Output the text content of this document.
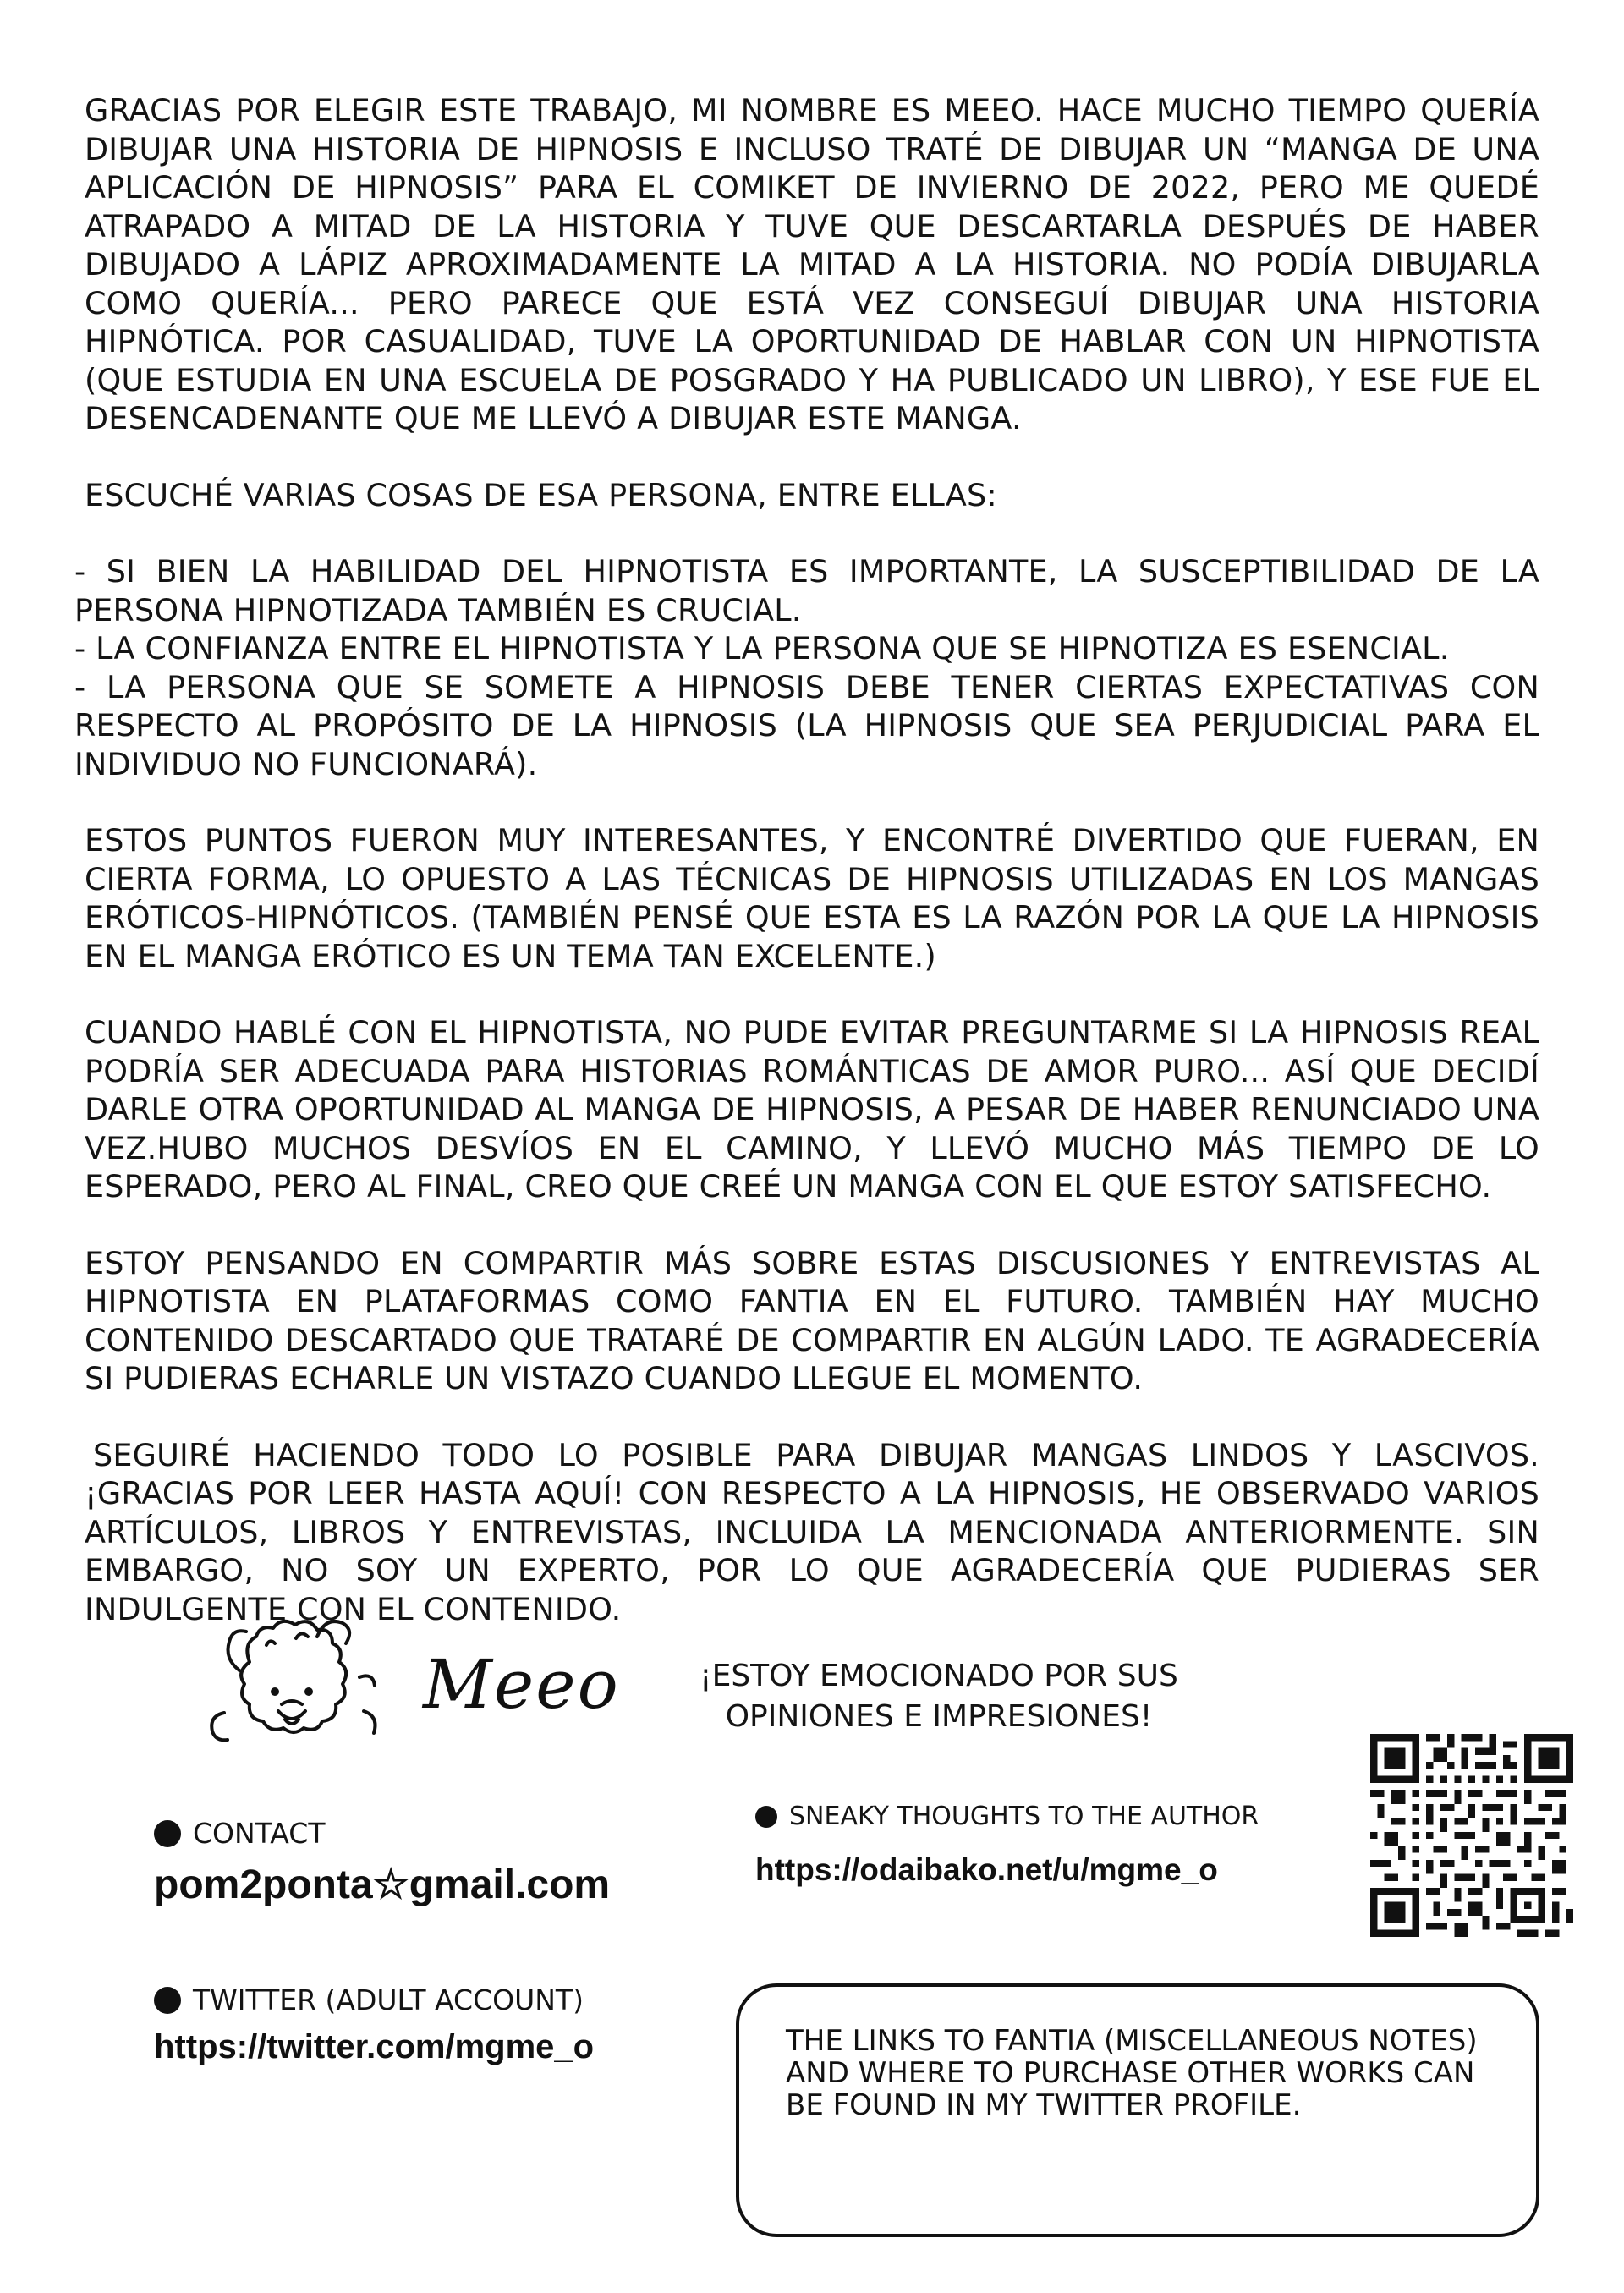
GRACIAS POR ELEGIR ESTE TRABAJO, MI NOMBRE ES MEEO. HACE MUCHO TIEMPO QUERÍA DIBUJAR UNA HISTORIA DE HIPNOSIS E INCLUSO TRATÉ DE DIBUJAR UN “MANGA DE UNA APLICACIÓN DE HIPNOSIS” PARA EL COMIKET DE INVIERNO DE 2022, PERO ME QUEDÉ ATRAPADO A MITAD DE LA HISTORIA Y TUVE QUE DESCARTARLA DESPUÉS DE HABER DIBUJADO A LÁPIZ APROXIMADAMENTE LA MITAD A LA HISTORIA. NO PODÍA DIBUJARLA COMO QUERÍA... PERO PARECE QUE ESTÁ VEZ CONSEGUÍ DIBUJAR UNA HISTORIA HIPNÓTICA. POR CASUALIDAD, TUVE LA OPORTUNIDAD DE HABLAR CON UN HIPNOTISTA (QUE ESTUDIA EN UNA ESCUELA DE POSGRADO Y HA PUBLICADO UN LIBRO), Y ESE FUE EL DESENCADENANTE QUE ME LLEVÓ A DIBUJAR ESTE MANGA.

ESCUCHÉ VARIAS COSAS DE ESA PERSONA, ENTRE ELLAS:

- SI BIEN LA HABILIDAD DEL HIPNOTISTA ES IMPORTANTE, LA SUSCEPTIBILIDAD DE LA PERSONA HIPNOTIZADA TAMBIÉN ES CRUCIAL.
- LA CONFIANZA ENTRE EL HIPNOTISTA Y LA PERSONA QUE SE HIPNOTIZA ES ESENCIAL.
- LA PERSONA QUE SE SOMETE A HIPNOSIS DEBE TENER CIERTAS EXPECTATIVAS CON RESPECTO AL PROPÓSITO DE LA HIPNOSIS (LA HIPNOSIS QUE SEA PERJUDICIAL PARA EL INDIVIDUO NO FUNCIONARÁ).

ESTOS PUNTOS FUERON MUY INTERESANTES, Y ENCONTRÉ DIVERTIDO QUE FUERAN, EN CIERTA FORMA, LO OPUESTO A LAS TÉCNICAS DE HIPNOSIS UTILIZADAS EN LOS MANGAS ERÓTICOS-HIPNÓTICOS. (TAMBIÉN PENSÉ QUE ESTA ES LA RAZÓN POR LA QUE LA HIPNOSIS EN EL MANGA ERÓTICO ES UN TEMA TAN EXCELENTE.)

CUANDO HABLÉ CON EL HIPNOTISTA, NO PUDE EVITAR PREGUNTARME SI LA HIPNOSIS REAL PODRÍA SER ADECUADA PARA HISTORIAS ROMÁNTICAS DE AMOR PURO... ASÍ QUE DECIDÍ DARLE OTRA OPORTUNIDAD AL MANGA DE HIPNOSIS, A PESAR DE HABER RENUNCIADO UNA VEZ.HUBO MUCHOS DESVÍOS EN EL CAMINO, Y LLEVÓ MUCHO MÁS TIEMPO DE LO ESPERADO, PERO AL FINAL, CREO QUE CREÉ UN MANGA CON EL QUE ESTOY SATISFECHO.

ESTOY PENSANDO EN COMPARTIR MÁS SOBRE ESTAS DISCUSIONES Y ENTREVISTAS AL HIPNOTISTA EN PLATAFORMAS COMO FANTIA EN EL FUTURO. TAMBIÉN HAY MUCHO CONTENIDO DESCARTADO QUE TRATARÉ DE COMPARTIR EN ALGÚN LADO. TE AGRADECERÍA SI PUDIERAS ECHARLE UN VISTAZO CUANDO LLEGUE EL MOMENTO.

SEGUIRÉ HACIENDO TODO LO POSIBLE PARA DIBUJAR MANGAS LINDOS Y LASCIVOS. ¡GRACIAS POR LEER HASTA AQUÍ! CON RESPECTO A LA HIPNOSIS, HE OBSERVADO VARIOS ARTÍCULOS, LIBROS Y ENTREVISTAS, INCLUIDA LA MENCIONADA ANTERIORMENTE. SIN EMBARGO, NO SOY UN EXPERTO, POR LO QUE AGRADECERÍA QUE PUDIERAS SER INDULGENTE CON EL CONTENIDO.

Meeo	¡ESTOY EMOCIONADO POR SUS OPINIONES E IMPRESIONES!
CONTACT
pom2ponta☆gmail.com
SNEAKY THOUGHTS TO THE AUTHOR
https://odaibako.net/u/mgme_o
TWITTER (ADULT ACCOUNT)
https://twitter.com/mgme_o	THE LINKS TO FANTIA (MISCELLANEOUS NOTES) AND WHERE TO PURCHASE OTHER WORKS CAN BE FOUND IN MY TWITTER PROFILE.
